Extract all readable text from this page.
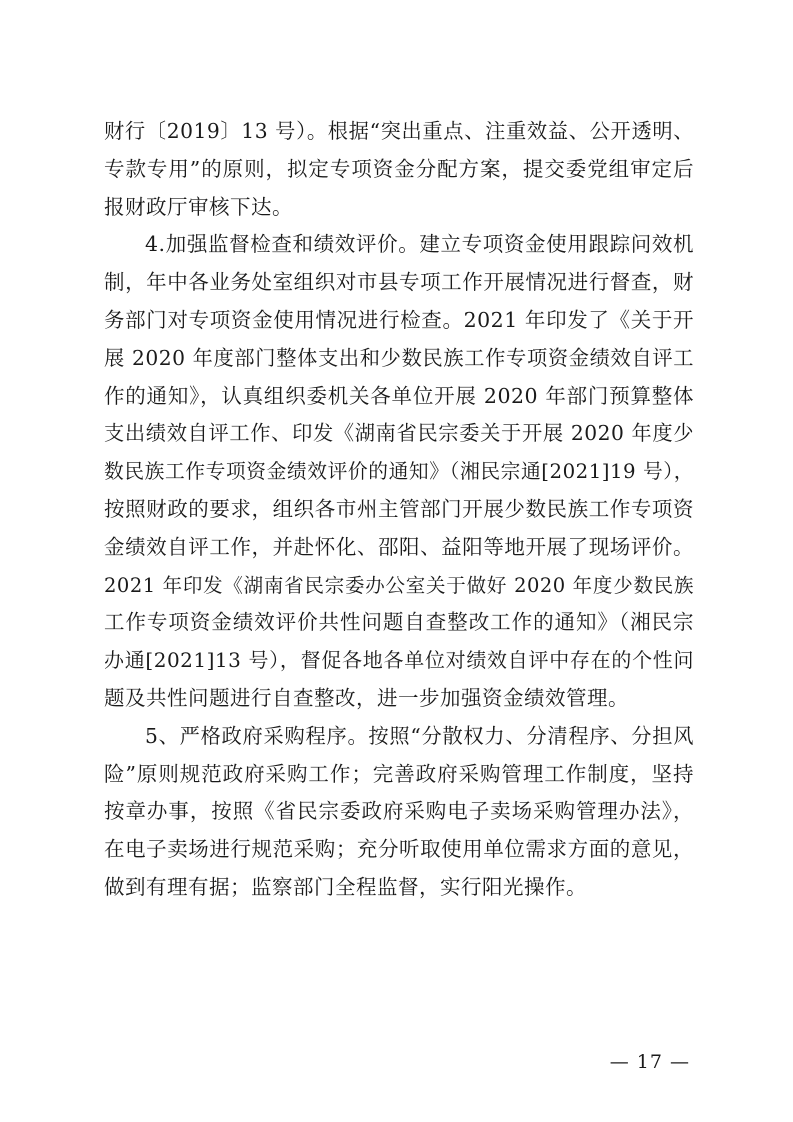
财行〔2019〕13 号）。根据“突出重点、注重效益、公开透明、
专款专用”的原则，拟定专项资金分配方案，提交委党组审定后
报财政厅审核下达。
4.加强监督检查和绩效评价。建立专项资金使用跟踪问效机
制，年中各业务处室组织对市县专项工作开展情况进行督查，财
务部门对专项资金使用情况进行检查。2021 年印发了《关于开
展 2020 年度部门整体支出和少数民族工作专项资金绩效自评工
作的通知》，认真组织委机关各单位开展 2020 年部门预算整体
支出绩效自评工作、印发《湖南省民宗委关于开展 2020 年度少
数民族工作专项资金绩效评价的通知》（湘民宗通[2021]19 号），
按照财政的要求，组织各市州主管部门开展少数民族工作专项资
金绩效自评工作，并赴怀化、邵阳、益阳等地开展了现场评价。
2021 年印发《湖南省民宗委办公室关于做好 2020 年度少数民族
工作专项资金绩效评价共性问题自查整改工作的通知》（湘民宗
办通[2021]13 号），督促各地各单位对绩效自评中存在的个性问
题及共性问题进行自查整改，进一步加强资金绩效管理。
5、严格政府采购程序。按照“分散权力、分清程序、分担风
险”原则规范政府采购工作；完善政府采购管理工作制度，坚持
按章办事，按照《省民宗委政府采购电子卖场采购管理办法》，
在电子卖场进行规范采购；充分听取使用单位需求方面的意见，
做到有理有据；监察部门全程监督，实行阳光操作。
— 17 —
